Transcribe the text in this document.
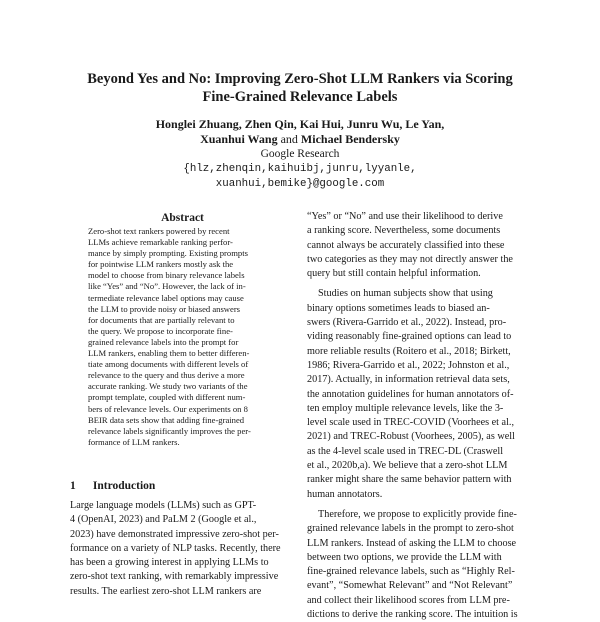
Beyond Yes and No: Improving Zero-Shot LLM Rankers via Scoring
Fine-Grained Relevance Labels
Honglei Zhuang, Zhen Qin, Kai Hui, Junru Wu, Le Yan,
Xuanhui Wang and Michael Bendersky
Google Research
{hlz,zhenqin,kaihuibj,junru,lyyanle,
xuanhui,bemike}@google.com
Abstract
Zero-shot text rankers powered by recent
LLMs achieve remarkable ranking perfor-
mance by simply prompting. Existing prompts
for pointwise LLM rankers mostly ask the
model to choose from binary relevance labels
like “Yes” and “No”. However, the lack of in-
termediate relevance label options may cause
the LLM to provide noisy or biased answers
for documents that are partially relevant to
the query. We propose to incorporate fine-
grained relevance labels into the prompt for
LLM rankers, enabling them to better differen-
tiate among documents with different levels of
relevance to the query and thus derive a more
accurate ranking. We study two variants of the
prompt template, coupled with different num-
bers of relevance levels. Our experiments on 8
BEIR data sets show that adding fine-grained
relevance labels significantly improves the per-
formance of LLM rankers.
1 Introduction
Large language models (LLMs) such as GPT-
4 (OpenAI, 2023) and PaLM 2 (Google et al.,
2023) have demonstrated impressive zero-shot per-
formance on a variety of NLP tasks. Recently, there
has been a growing interest in applying LLMs to
zero-shot text ranking, with remarkably impressive
results. The earliest zero-shot LLM rankers are

“Yes” or “No” and use their likelihood to derive
a ranking score. Nevertheless, some documents
cannot always be accurately classified into these
two categories as they may not directly answer the
query but still contain helpful information.

Studies on human subjects show that using
binary options sometimes leads to biased an-
swers (Rivera-Garrido et al., 2022). Instead, pro-
viding reasonably fine-grained options can lead to
more reliable results (Roitero et al., 2018; Birkett,
1986; Rivera-Garrido et al., 2022; Johnston et al.,
2017). Actually, in information retrieval data sets,
the annotation guidelines for human annotators of-
ten employ multiple relevance levels, like the 3-
level scale used in TREC-COVID (Voorhees et al.,
2021) and TREC-Robust (Voorhees, 2005), as well
as the 4-level scale used in TREC-DL (Craswell
et al., 2020b,a). We believe that a zero-shot LLM
ranker might share the same behavior pattern with
human annotators.

Therefore, we propose to explicitly provide fine-
grained relevance labels in the prompt to zero-shot
LLM rankers. Instead of asking the LLM to choose
between two options, we provide the LLM with
fine-grained relevance labels, such as “Highly Rel-
evant”, “Somewhat Relevant” and “Not Relevant”
and collect their likelihood scores from LLM pre-
dictions to derive the ranking score. The intuition is
